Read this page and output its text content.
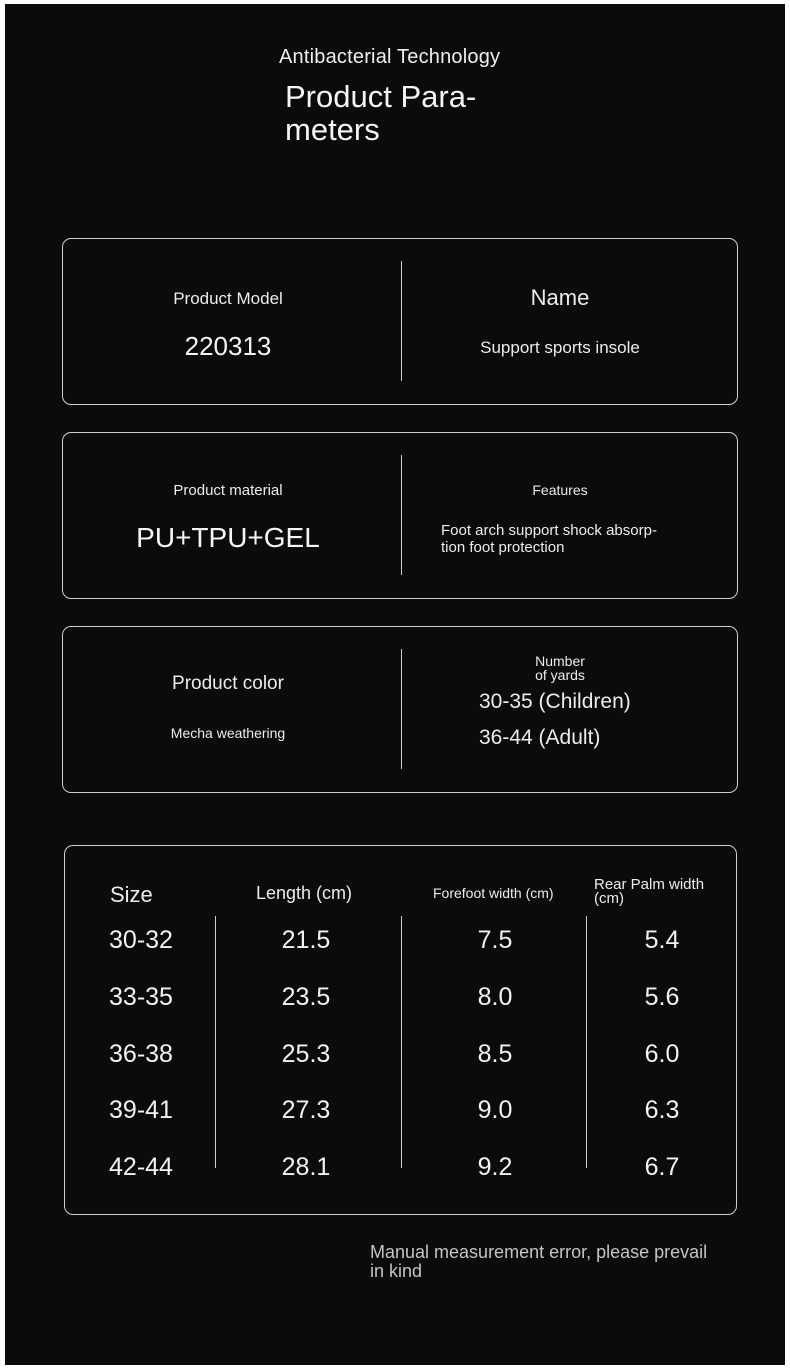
Antibacterial Technology
Product Para-
meters
Product Model
220313
Name
Support sports insole
Product material
PU+TPU+GEL
Features
Foot arch support shock absorp-
tion foot protection
Product color
Mecha weathering
Number
of yards
30-35 (Children)
36-44 (Adult)
Size	Length (cm)	Forefoot width (cm)	Rear Palm width
(cm)
30-32	21.5	7.5	5.4
33-35	23.5	8.0	5.6
36-38	25.3	8.5	6.0
39-41	27.3	9.0	6.3
42-44	28.1	9.2	6.7
Manual measurement error, please prevail
in kind
